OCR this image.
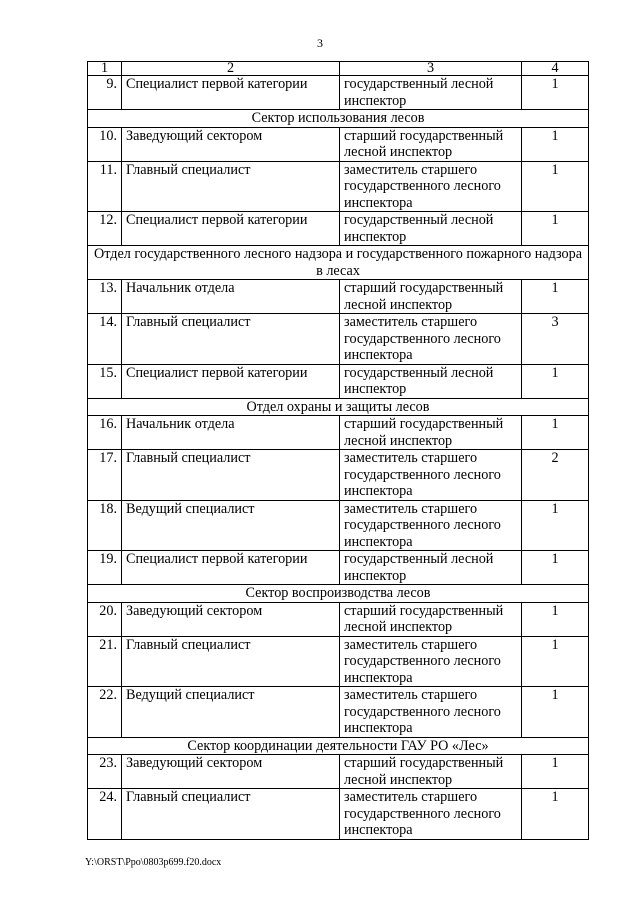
3
1	2	3	4
9.	Специалист первой категории	государственный лесной инспектор	1
Сектор использования лесов			
10.	Заведующий сектором	старший государственный лесной инспектор	1
11.	Главный специалист	заместитель старшего государственного лесного инспектора	1
12.	Специалист первой категории	государственный лесной инспектор	1
Отдел государственного лесного надзора и государственного пожарного надзора в лесах			
13.	Начальник отдела	старший государственный лесной инспектор	1
14.	Главный специалист	заместитель старшего государственного лесного инспектора	3
15.	Специалист первой категории	государственный лесной инспектор	1
Отдел охраны и защиты лесов			
16.	Начальник отдела	старший государственный лесной инспектор	1
17.	Главный специалист	заместитель старшего государственного лесного инспектора	2
18.	Ведущий специалист	заместитель старшего государственного лесного инспектора	1
19.	Специалист первой категории	государственный лесной инспектор	1
Сектор воспроизводства лесов			
20.	Заведующий сектором	старший государственный лесной инспектор	1
21.	Главный специалист	заместитель старшего государственного лесного инспектора	1
22.	Ведущий специалист	заместитель старшего государственного лесного инспектора	1
Сектор координации деятельности ГАУ РО «Лес»			
23.	Заведующий сектором	старший государственный лесной инспектор	1
24.	Главный специалист	заместитель старшего государственного лесного инспектора	1
Y:\ORST\Ppo\0803p699.f20.docx
